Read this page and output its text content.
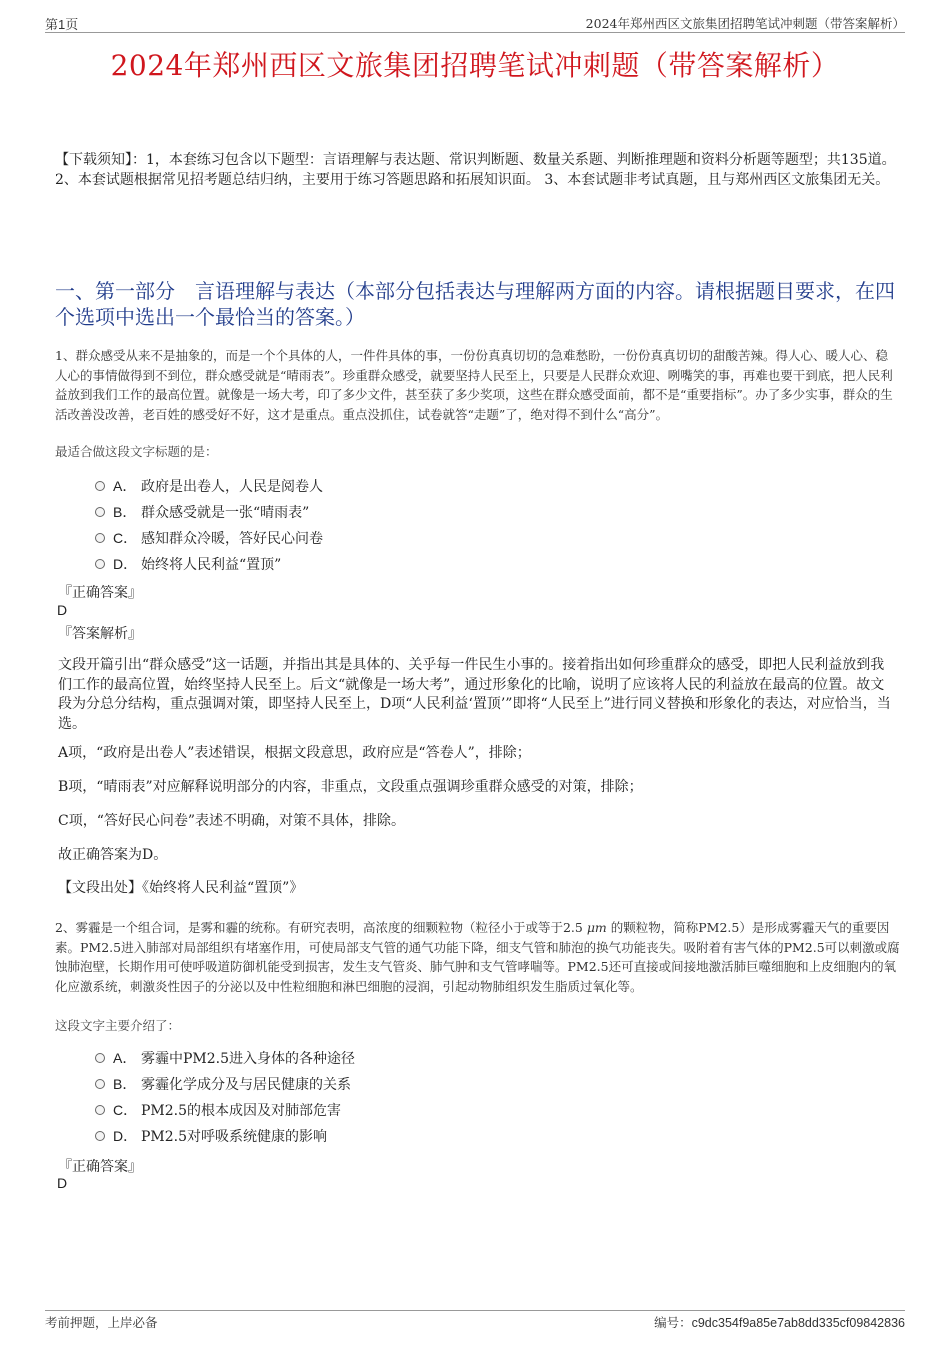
第1页	2024年郑州西区文旅集团招聘笔试冲刺题（带答案解析）
2024年郑州西区文旅集团招聘笔试冲刺题（带答案解析）
【下载须知】：1，本套练习包含以下题型：言语理解与表达题、常识判断题、数量关系题、判断推理题和资料分析题等题型；共135道。 2、本套试题根据常见招考题总结归纳，主要用于练习答题思路和拓展知识面。 3、本套试题非考试真题，且与郑州西区文旅集团无关。
一、第一部分　言语理解与表达（本部分包括表达与理解两方面的内容。请根据题目要求，在四个选项中选出一个最恰当的答案。）
1、群众感受从来不是抽象的，而是一个个具体的人，一件件具体的事，一份份真真切切的急难愁盼，一份份真真切切的甜酸苦辣。得人心、暖人心、稳人心的事情做得到不到位，群众感受就是“晴雨表”。珍重群众感受，就要坚持人民至上，只要是人民群众欢迎、咧嘴笑的事，再难也要干到底，把人民利益放到我们工作的最高位置。就像是一场大考，印了多少文件，甚至获了多少奖项，这些在群众感受面前，都不是“重要指标”。办了多少实事，群众的生活改善没改善，老百姓的感受好不好，这才是重点。重点没抓住，试卷就答“走题”了，绝对得不到什么“高分”。
最适合做这段文字标题的是：
A． 政府是出卷人，人民是阅卷人
B． 群众感受就是一张“晴雨表”
C． 感知群众冷暖，答好民心问卷
D． 始终将人民利益“置顶”
『正确答案』
D
『答案解析』
文段开篇引出“群众感受”这一话题，并指出其是具体的、关乎每一件民生小事的。接着指出如何珍重群众的感受，即把人民利益放到我们工作的最高位置，始终坚持人民至上。后文“就像是一场大考”，通过形象化的比喻，说明了应该将人民的利益放在最高的位置。故文段为分总分结构，重点强调对策，即坚持人民至上，D项“人民利益‘置顶’”即将“人民至上”进行同义替换和形象化的表达，对应恰当，当选。
A项，“政府是出卷人”表述错误，根据文段意思，政府应是“答卷人”，排除；
B项，“晴雨表”对应解释说明部分的内容，非重点，文段重点强调珍重群众感受的对策，排除；
C项，“答好民心问卷”表述不明确，对策不具体，排除。
故正确答案为D。
【文段出处】《始终将人民利益“置顶”》
2、雾霾是一个组合词，是雾和霾的统称。有研究表明，高浓度的细颗粒物（粒径小于或等于2.5 μm 的颗粒物，简称PM2.5）是形成雾霾天气的重要因素。PM2.5进入肺部对局部组织有堵塞作用，可使局部支气管的通气功能下降，细支气管和肺泡的换气功能丧失。吸附着有害气体的PM2.5可以刺激或腐蚀肺泡壁，长期作用可使呼吸道防御机能受到损害，发生支气管炎、肺气肿和支气管哮喘等。PM2.5还可直接或间接地激活肺巨噬细胞和上皮细胞内的氧化应激系统，刺激炎性因子的分泌以及中性粒细胞和淋巴细胞的浸润，引起动物肺组织发生脂质过氧化等。
这段文字主要介绍了：
A． 雾霾中PM2.5进入身体的各种途径
B． 雾霾化学成分及与居民健康的关系
C． PM2.5的根本成因及对肺部危害
D． PM2.5对呼吸系统健康的影响
『正确答案』
D
考前押题，上岸必备	编号：c9dc354f9a85e7ab8dd335cf09842836
